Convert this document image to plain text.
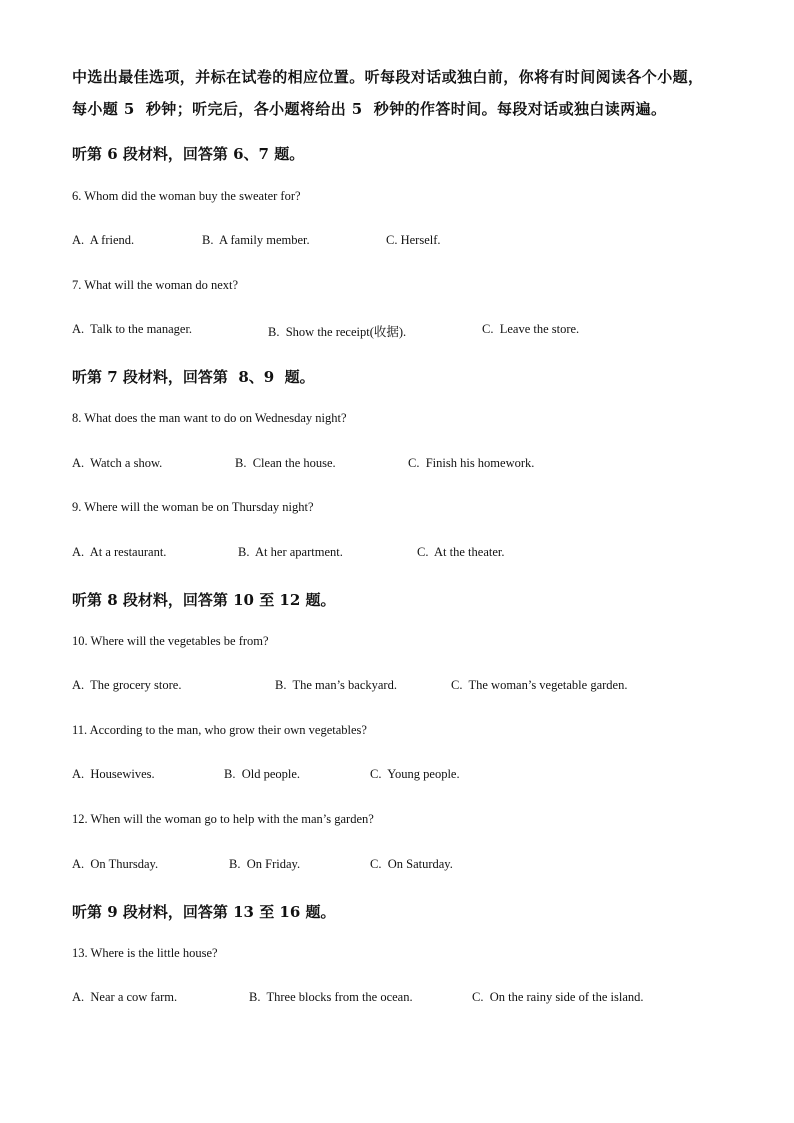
中选出最佳选项，并标在试卷的相应位置。听每段对话或独白前，你将有时间阅读各个小题，
每小题 5  秒钟；听完后，各小题将给出 5  秒钟的作答时间。每段对话或独白读两遍。
听第 6 段材料，回答第 6、7 题。
6. Whom did the woman buy the sweater for?
A.  A friend.	B.  A family member.	C. Herself.
7. What will the woman do next?
A.  Talk to the manager.	B.  Show the receipt(收据).	C.  Leave the store.
听第 7 段材料，回答第  8、9  题。
8. What does the man want to do on Wednesday night?
A.  Watch a show.	B.  Clean the house.	C.  Finish his homework.
9. Where will the woman be on Thursday night?
A.  At a restaurant.	B.  At her apartment.	C.  At the theater.
听第 8 段材料，回答第 10 至 12 题。
10. Where will the vegetables be from?
A.  The grocery store.	B.  The man’s backyard.	C.  The woman’s vegetable garden.
11. According to the man, who grow their own vegetables?
A.  Housewives.	B.  Old people.	C.  Young people.
12. When will the woman go to help with the man’s garden?
A.  On Thursday.	B.  On Friday.	C.  On Saturday.
听第 9 段材料，回答第 13 至 16 题。
13. Where is the little house?
A.  Near a cow farm.	B.  Three blocks from the ocean.	C.  On the rainy side of the island.
